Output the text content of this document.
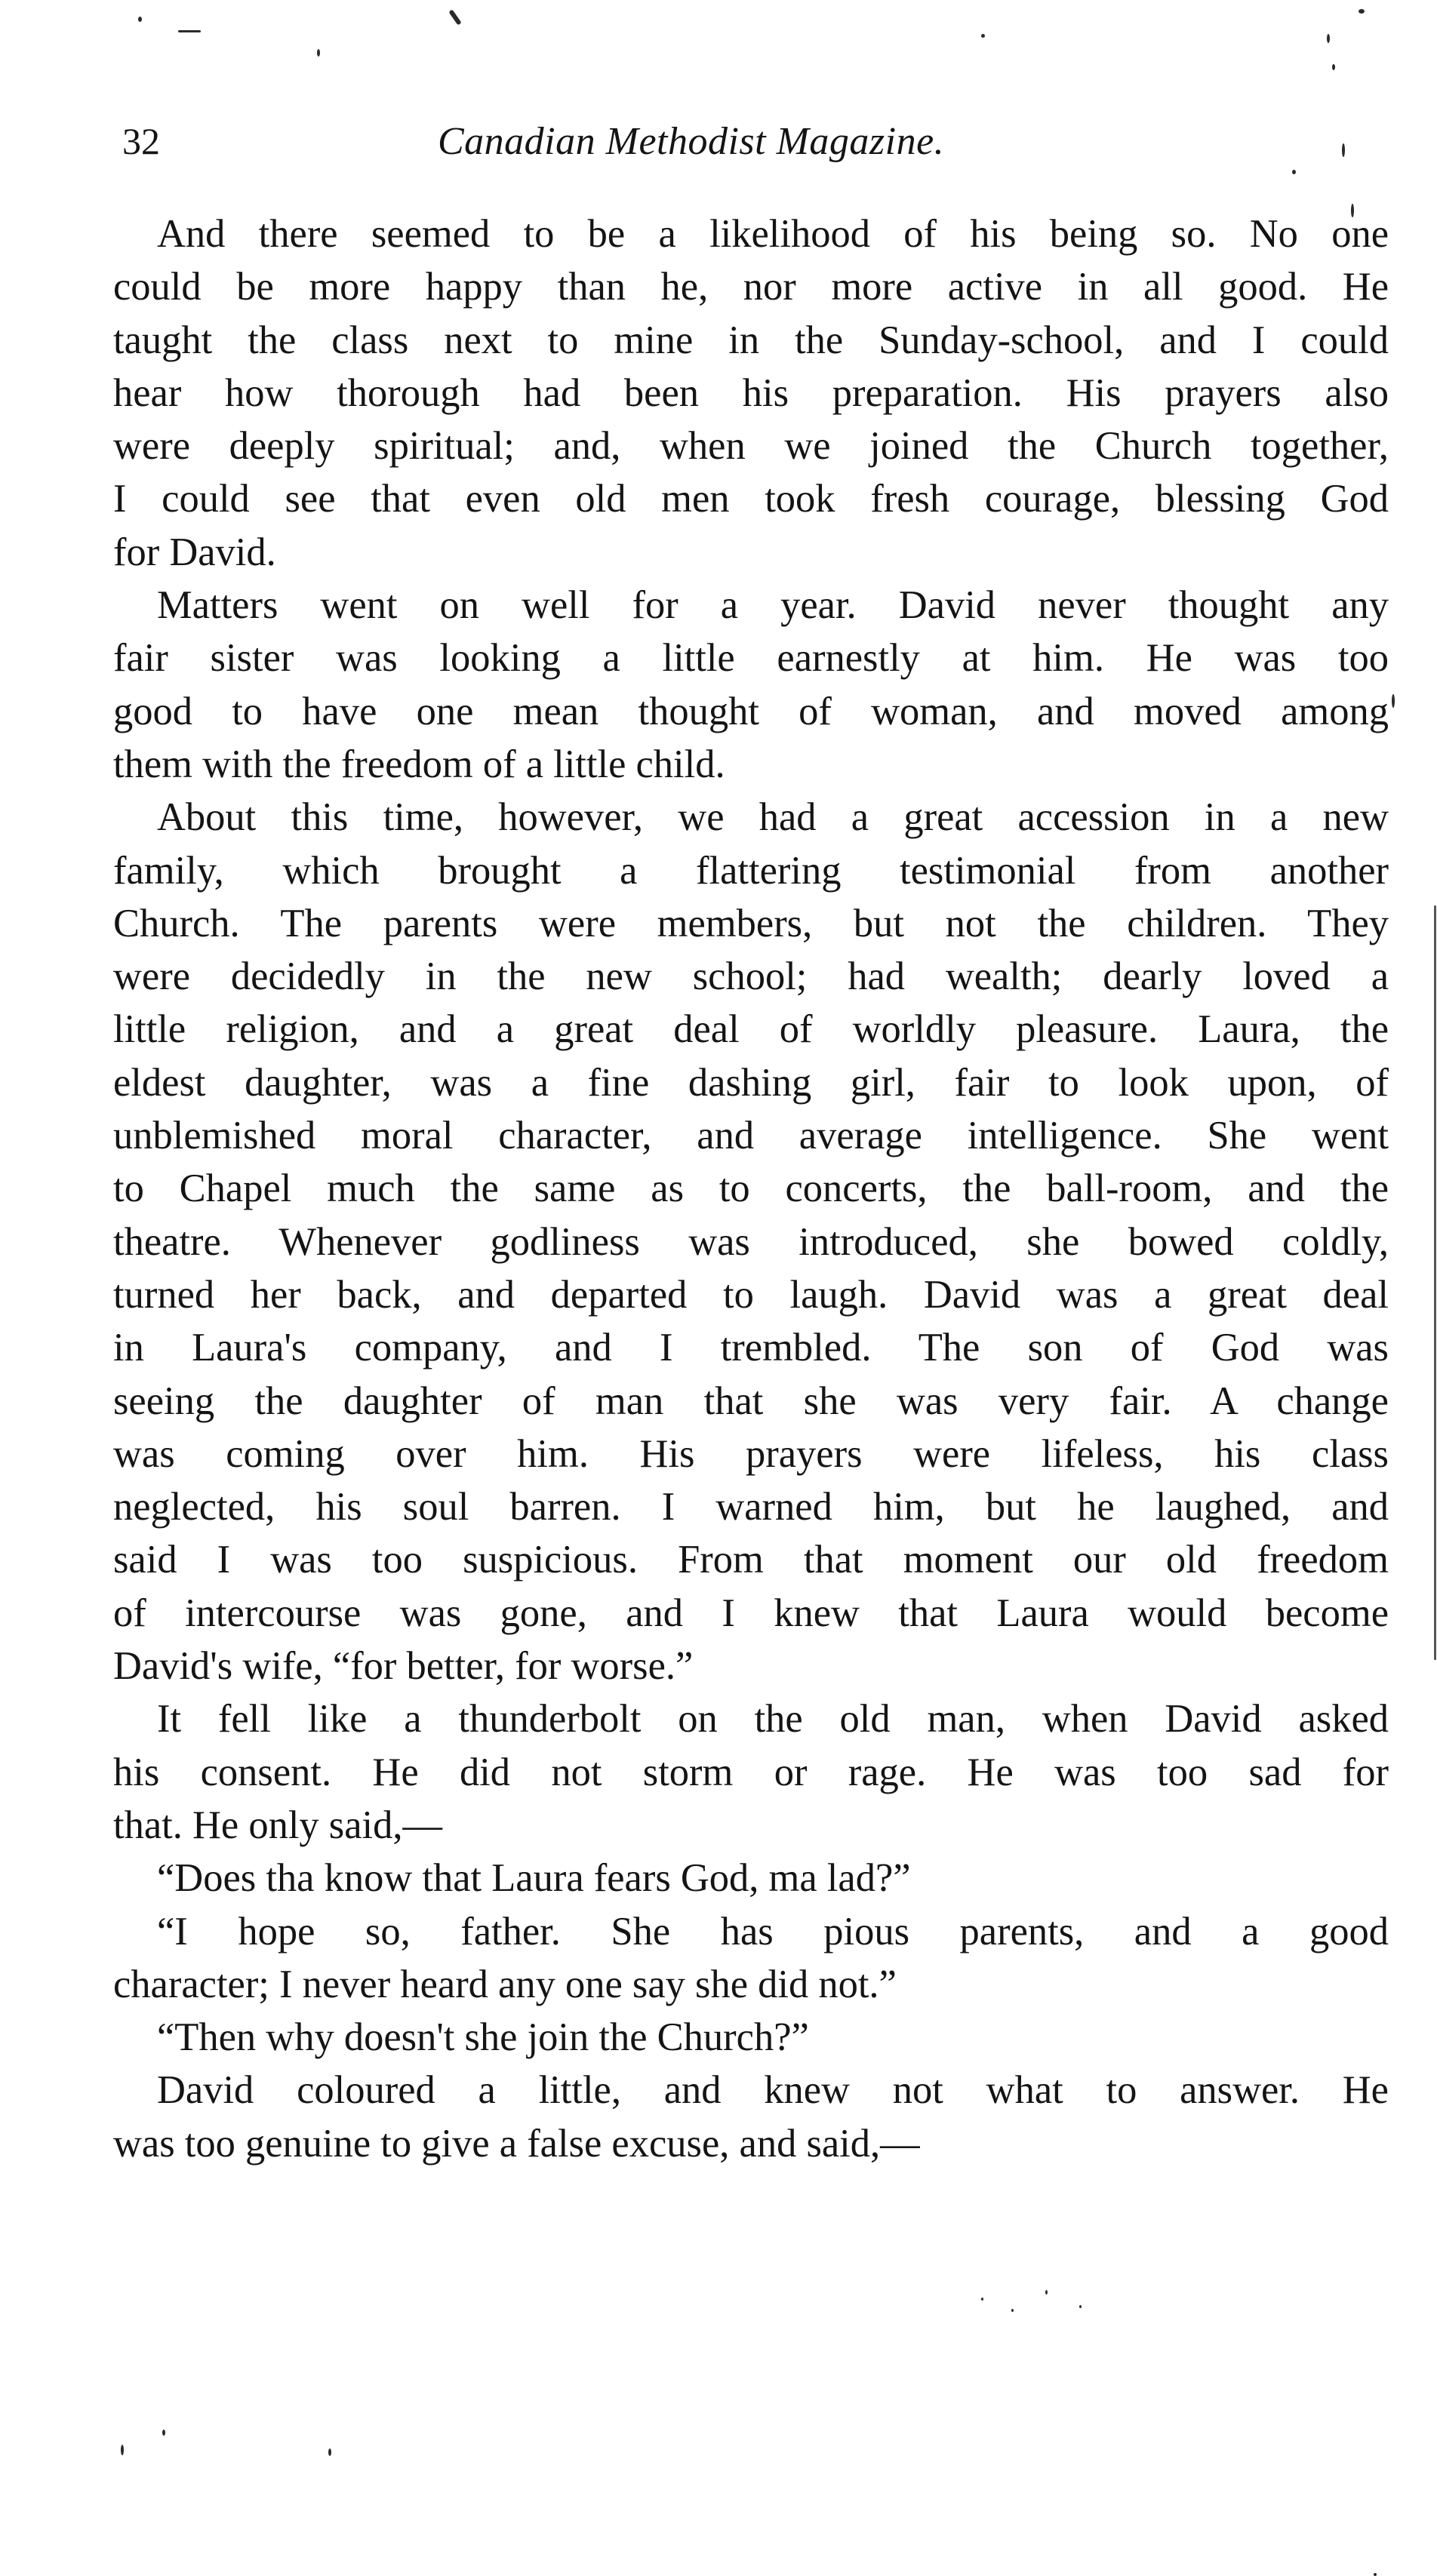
32	Canadian Methodist Magazine.
And there seemed to be a likelihood of his being so. No one
could be more happy than he, nor more active in all good. He
taught the class next to mine in the Sunday-school, and I could
hear how thorough had been his preparation. His prayers also
were deeply spiritual; and, when we joined the Church together,
I could see that even old men took fresh courage, blessing God
for David.
Matters went on well for a year. David never thought any
fair sister was looking a little earnestly at him. He was too
good to have one mean thought of woman, and moved among
them with the freedom of a little child.
About this time, however, we had a great accession in a new
family, which brought a flattering testimonial from another
Church. The parents were members, but not the children. They
were decidedly in the new school; had wealth; dearly loved a
little religion, and a great deal of worldly pleasure. Laura, the
eldest daughter, was a fine dashing girl, fair to look upon, of
unblemished moral character, and average intelligence. She went
to Chapel much the same as to concerts, the ball-room, and the
theatre. Whenever godliness was introduced, she bowed coldly,
turned her back, and departed to laugh. David was a great deal
in Laura's company, and I trembled. The son of God was
seeing the daughter of man that she was very fair. A change
was coming over him. His prayers were lifeless, his class
neglected, his soul barren. I warned him, but he laughed, and
said I was too suspicious. From that moment our old freedom
of intercourse was gone, and I knew that Laura would become
David's wife, “for better, for worse.”
It fell like a thunderbolt on the old man, when David asked
his consent. He did not storm or rage. He was too sad for
that. He only said,—
“Does tha know that Laura fears God, ma lad?”
“I hope so, father. She has pious parents, and a good
character; I never heard any one say she did not.”
“Then why doesn't she join the Church?”
David coloured a little, and knew not what to answer. He
was too genuine to give a false excuse, and said,—
